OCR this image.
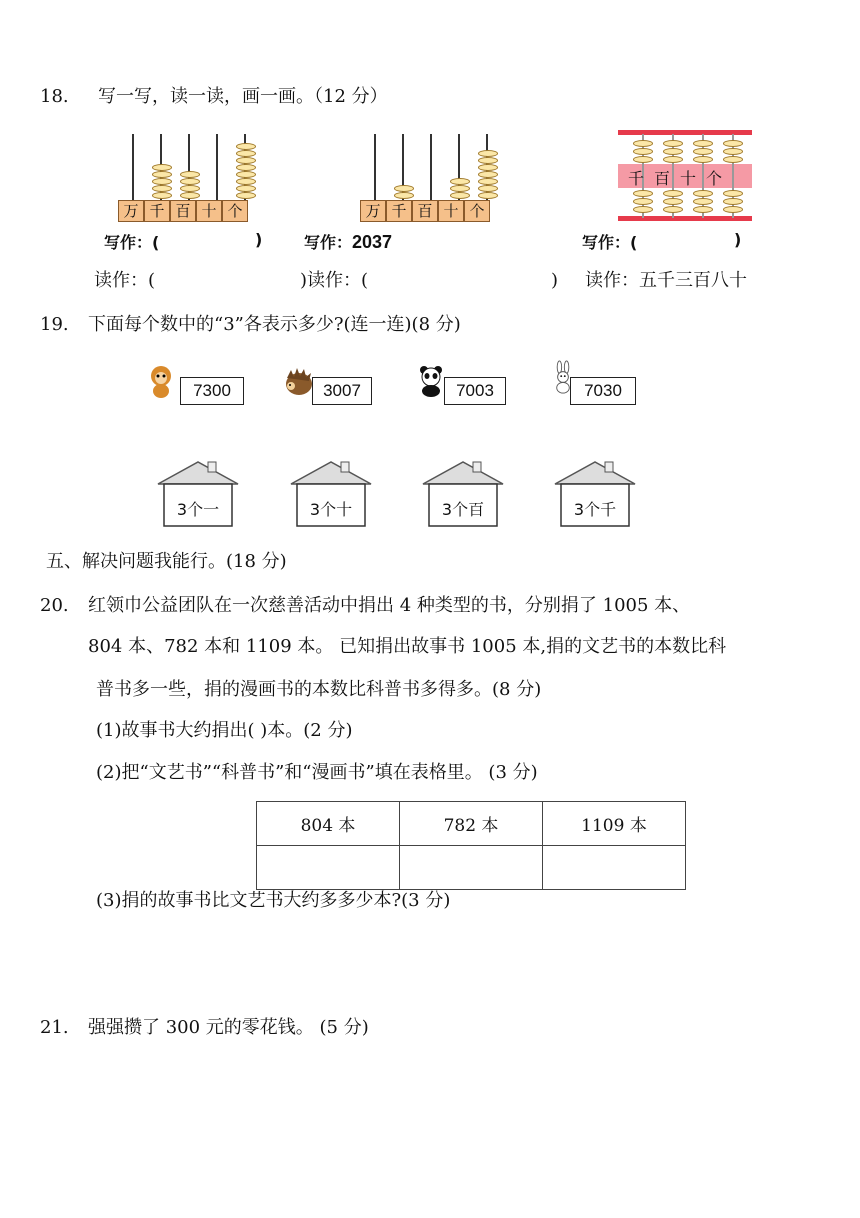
18. 写一写，读一读，画一画。（12 分）
万 千 百 十 个
写作：(	)
万 千 百 十 个
写作：2037
千 百 十 个
写作：(	)
读作：(	)读作：(	) 读作：五千三百八十
19. 下面每个数中的“3”各表示多少?(连一连)(8 分)
7300	3007	7003	7030
3个一	3个十	3个百	3个千
五、解决问题我能行。(18 分)
20. 红领巾公益团队在一次慈善活动中捐出 4 种类型的书，分别捐了 1005 本、
804 本、782 本和 1109 本。 已知捐出故事书 1005 本,捐的文艺书的本数比科
普书多一些，捐的漫画书的本数比科普书多得多。(8 分)
(1)故事书大约捐出( )本。(2 分)
(2)把“文艺书”“科普书”和“漫画书”填在表格里。 (3 分)
804 本	782 本	1109 本

(3)捐的故事书比文艺书大约多多少本?(3 分)
21. 强强攒了 300 元的零花钱。 (5 分)
